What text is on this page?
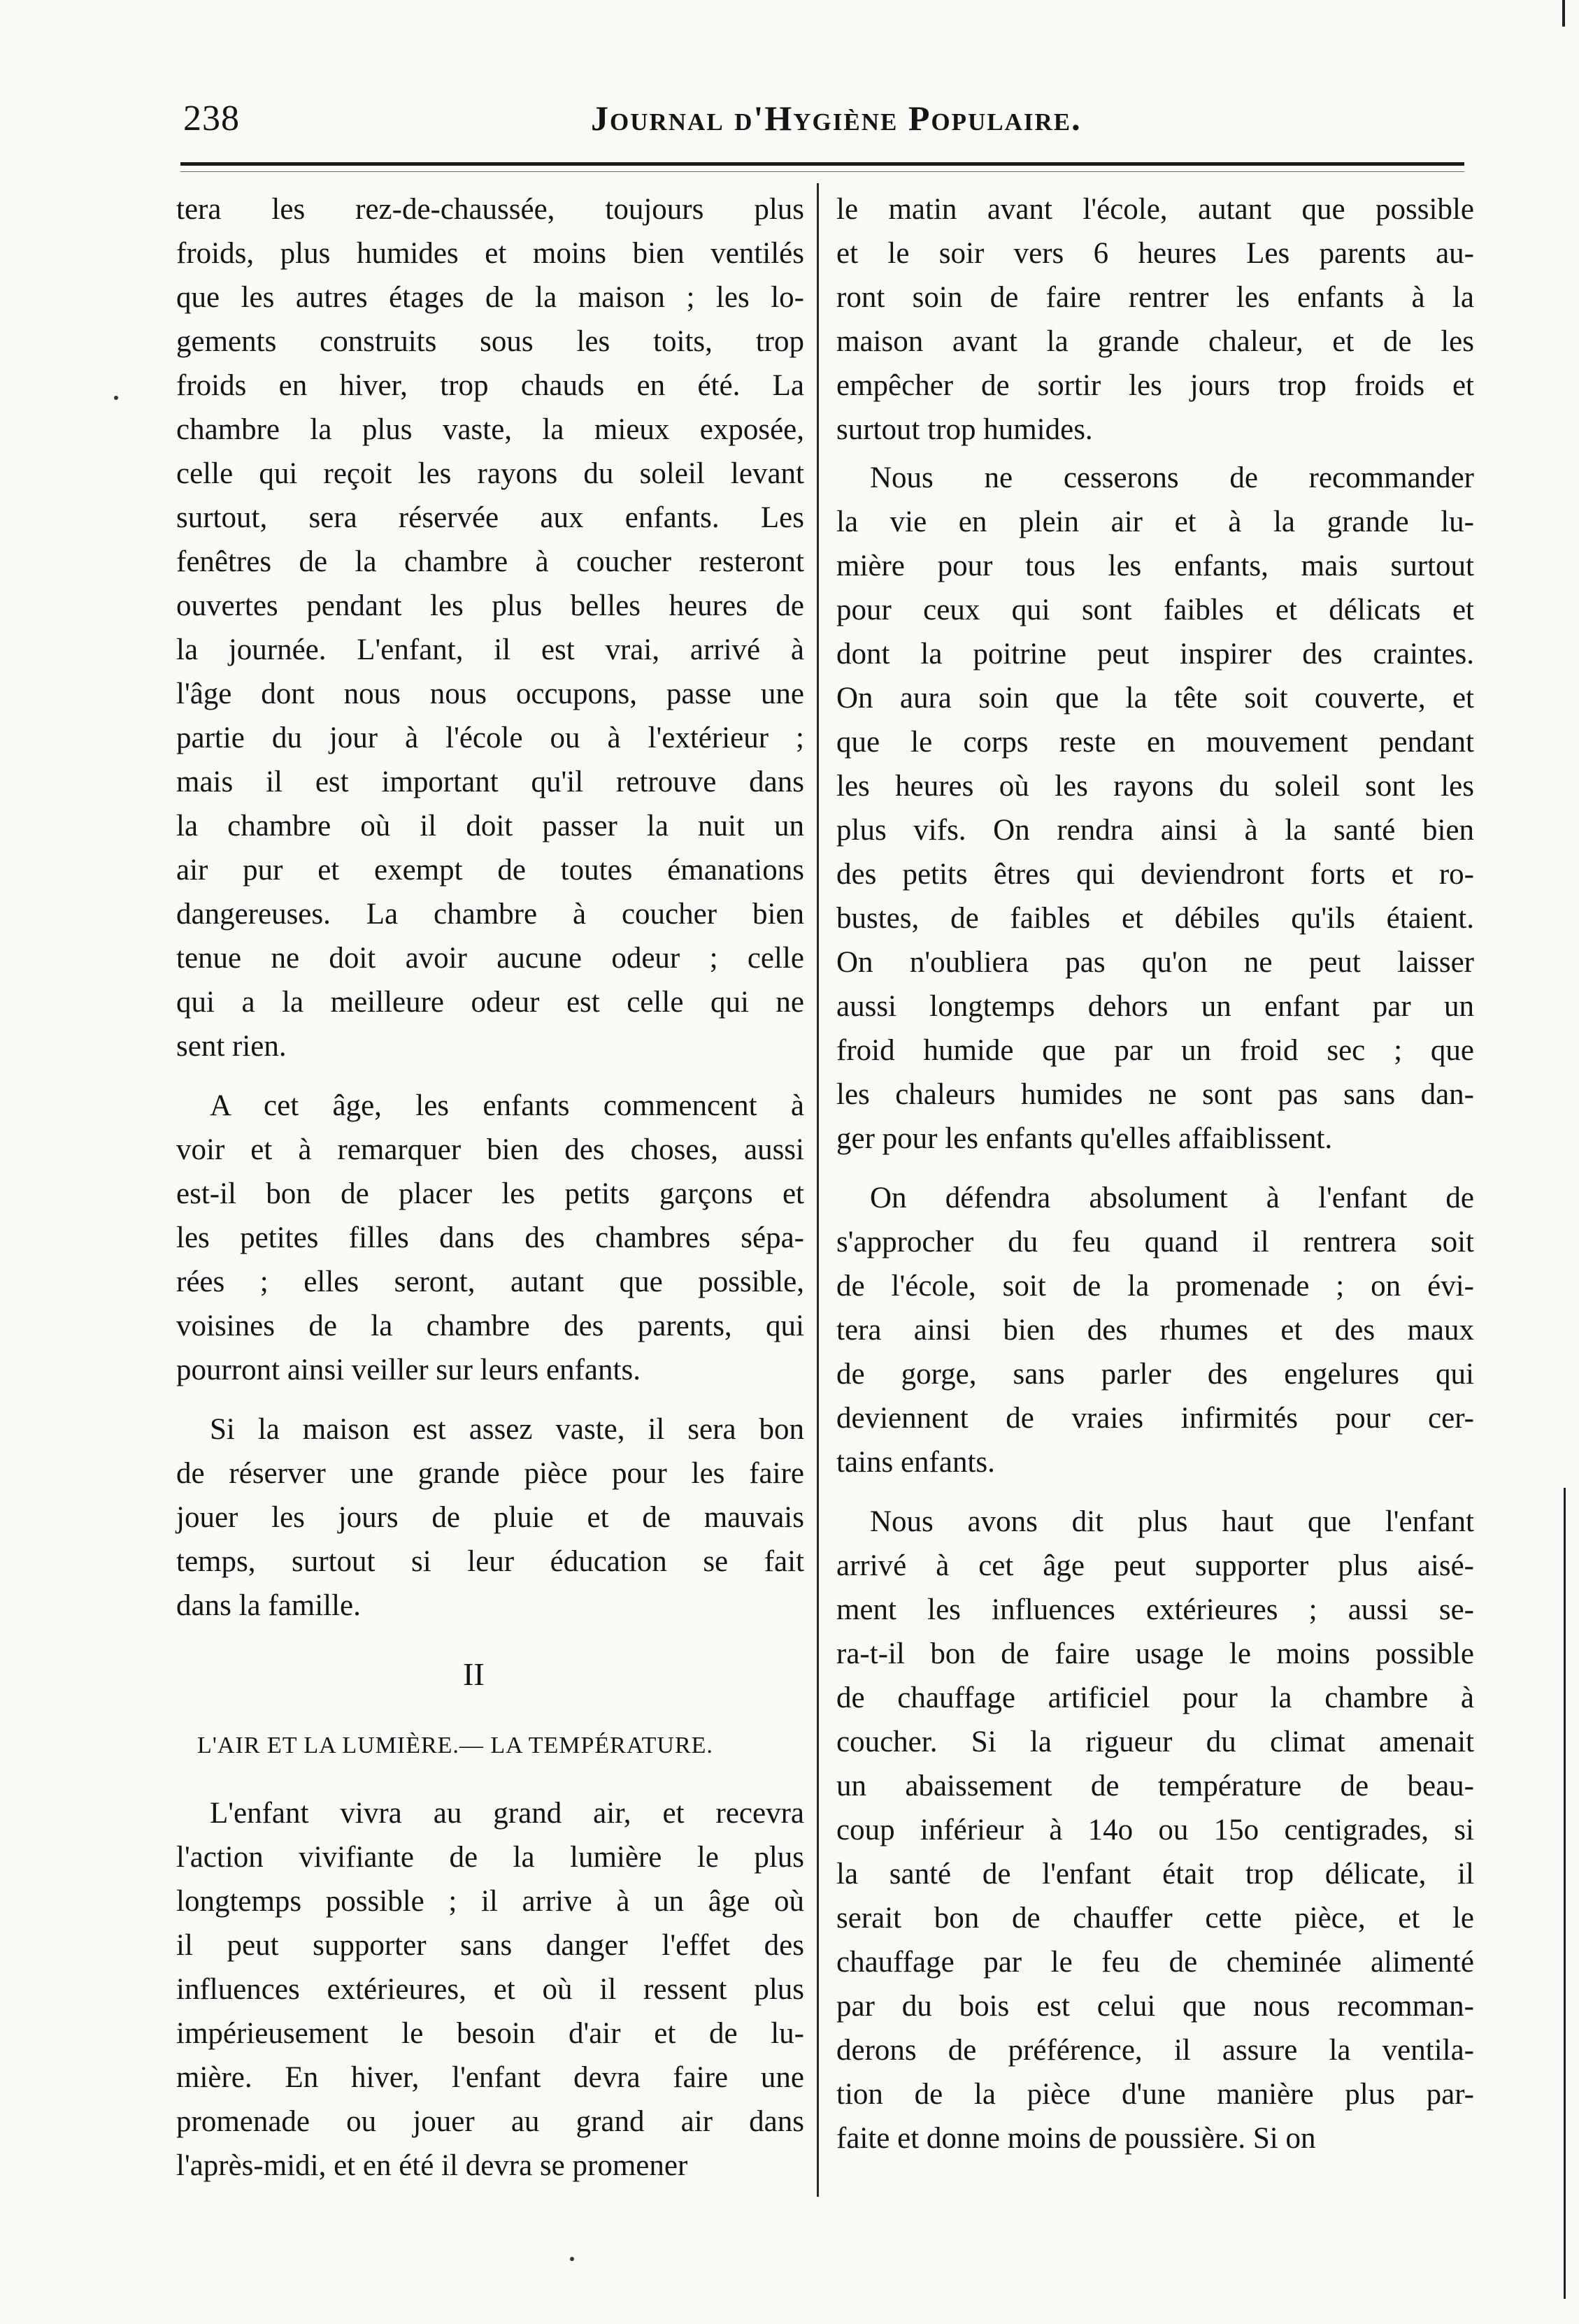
238	Journal d'Hygiène Populaire.
tera les rez-de-chaussée, toujours plus
froids, plus humides et moins bien ventilés
que les autres étages de la maison ; les lo-
gements construits sous les toits, trop
froids en hiver, trop chauds en été. La
chambre la plus vaste, la mieux exposée,
celle qui reçoit les rayons du soleil levant
surtout, sera réservée aux enfants. Les
fenêtres de la chambre à coucher resteront
ouvertes pendant les plus belles heures de
la journée. L'enfant, il est vrai, arrivé à
l'âge dont nous nous occupons, passe une
partie du jour à l'école ou à l'extérieur ;
mais il est important qu'il retrouve dans
la chambre où il doit passer la nuit un
air pur et exempt de toutes émanations
dangereuses. La chambre à coucher bien
tenue ne doit avoir aucune odeur ; celle
qui a la meilleure odeur est celle qui ne
sent rien.
A cet âge, les enfants commencent à
voir et à remarquer bien des choses, aussi
est-il bon de placer les petits garçons et
les petites filles dans des chambres sépa-
rées ; elles seront, autant que possible,
voisines de la chambre des parents, qui
pourront ainsi veiller sur leurs enfants.
Si la maison est assez vaste, il sera bon
de réserver une grande pièce pour les faire
jouer les jours de pluie et de mauvais
temps, surtout si leur éducation se fait
dans la famille.
II
L'AIR ET LA LUMIÈRE.— LA TEMPÉRATURE.
L'enfant vivra au grand air, et recevra
l'action vivifiante de la lumière le plus
longtemps possible ; il arrive à un âge où
il peut supporter sans danger l'effet des
influences extérieures, et où il ressent plus
impérieusement le besoin d'air et de lu-
mière. En hiver, l'enfant devra faire une
promenade ou jouer au grand air dans
l'après-midi, et en été il devra se promener
le matin avant l'école, autant que possible
et le soir vers 6 heures Les parents au-
ront soin de faire rentrer les enfants à la
maison avant la grande chaleur, et de les
empêcher de sortir les jours trop froids et
surtout trop humides.
Nous ne cesserons de recommander
la vie en plein air et à la grande lu-
mière pour tous les enfants, mais surtout
pour ceux qui sont faibles et délicats et
dont la poitrine peut inspirer des craintes.
On aura soin que la tête soit couverte, et
que le corps reste en mouvement pendant
les heures où les rayons du soleil sont les
plus vifs. On rendra ainsi à la santé bien
des petits êtres qui deviendront forts et ro-
bustes, de faibles et débiles qu'ils étaient.
On n'oubliera pas qu'on ne peut laisser
aussi longtemps dehors un enfant par un
froid humide que par un froid sec ; que
les chaleurs humides ne sont pas sans dan-
ger pour les enfants qu'elles affaiblissent.
On défendra absolument à l'enfant de
s'approcher du feu quand il rentrera soit
de l'école, soit de la promenade ; on évi-
tera ainsi bien des rhumes et des maux
de gorge, sans parler des engelures qui
deviennent de vraies infirmités pour cer-
tains enfants.
Nous avons dit plus haut que l'enfant
arrivé à cet âge peut supporter plus aisé-
ment les influences extérieures ; aussi se-
ra-t-il bon de faire usage le moins possible
de chauffage artificiel pour la chambre à
coucher. Si la rigueur du climat amenait
un abaissement de température de beau-
coup inférieur à 14o ou 15o centigrades, si
la santé de l'enfant était trop délicate, il
serait bon de chauffer cette pièce, et le
chauffage par le feu de cheminée alimenté
par du bois est celui que nous recomman-
derons de préférence, il assure la ventila-
tion de la pièce d'une manière plus par-
faite et donne moins de poussière. Si on
